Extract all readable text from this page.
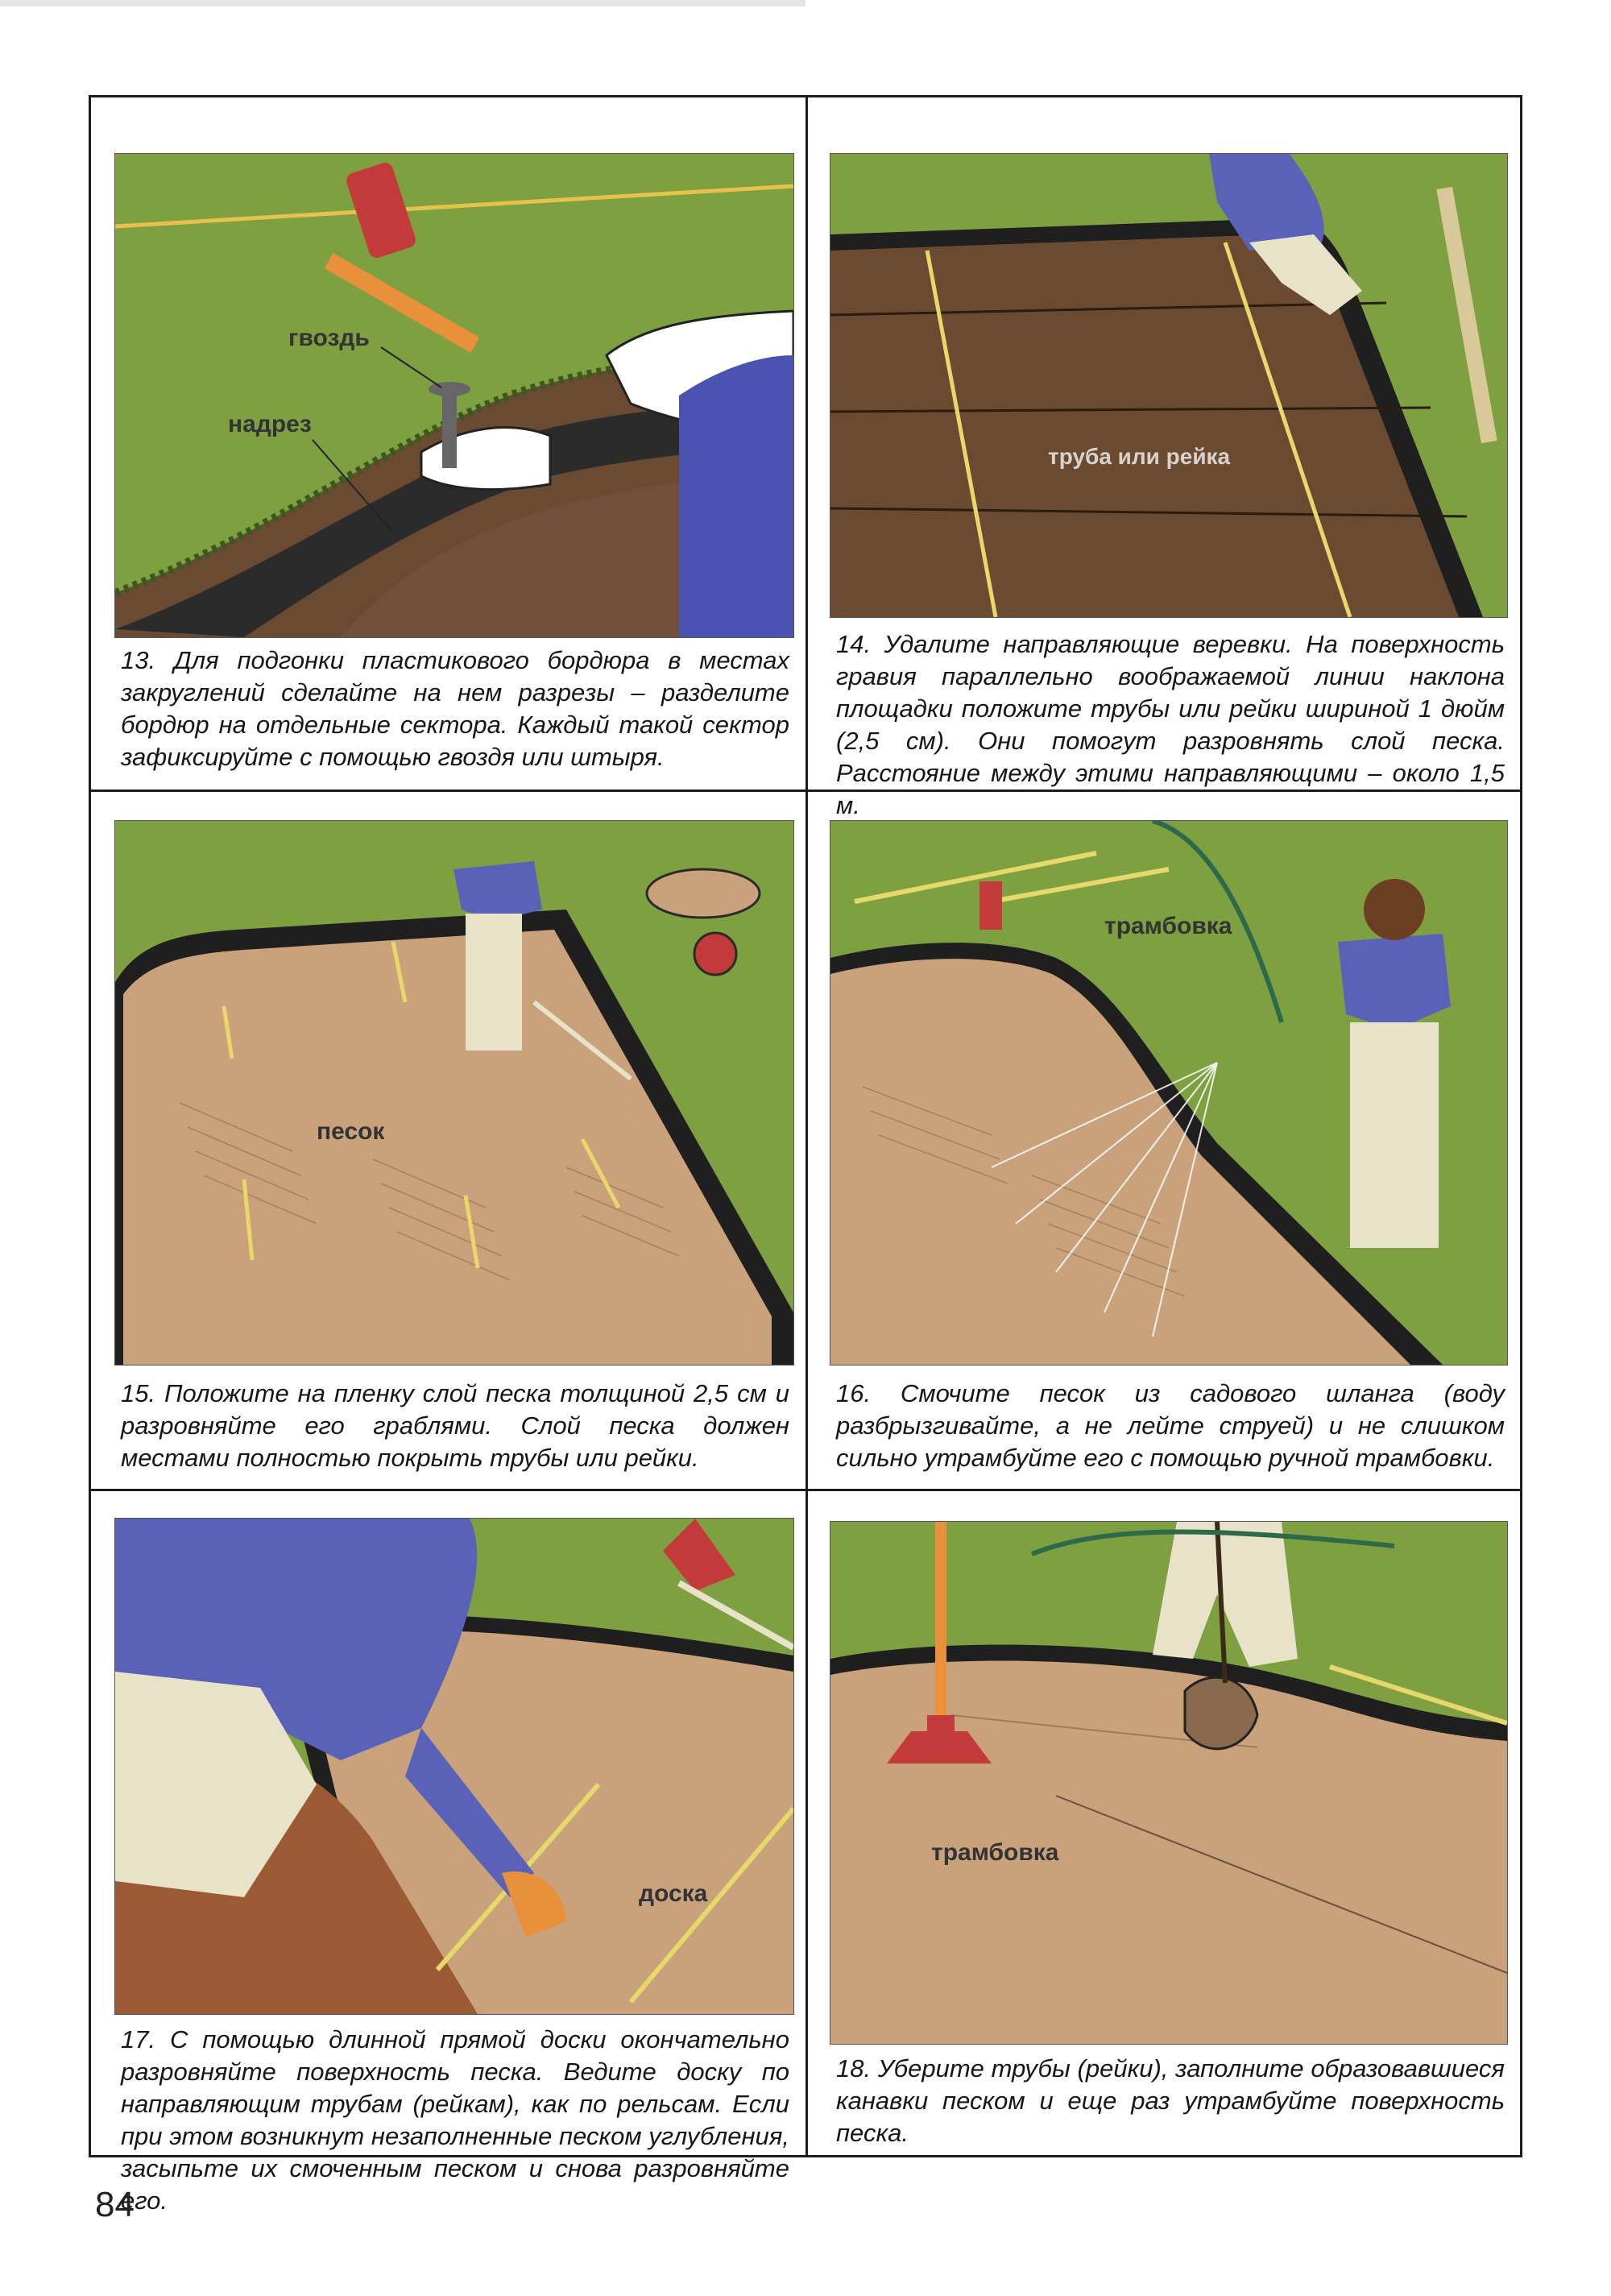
гвоздь
надрез

13. Для подгонки пластикового бордюра в местах закруглений сделайте на нем разрезы – разделите бордюр на отдельные сектора. Каждый такой сектор зафиксируйте с помощью гвоздя или штыря.

труба или рейка

14. Удалите направляющие веревки. На поверхность гравия параллельно воображаемой линии наклона площадки положите трубы или рейки шириной 1 дюйм (2,5 см). Они помогут разровнять слой песка. Расстояние между этими направляющими – около 1,5 м.

песок

15. Положите на пленку слой песка толщиной 2,5 см и разровняйте его граблями. Слой песка должен местами полностью покрыть трубы или рейки.

трамбовка

16. Смочите песок из садового шланга (воду разбрызгивайте, а не лейте струей) и не слишком сильно утрамбуйте его с помощью ручной трамбовки.

доска

17. С помощью длинной прямой доски окончательно разровняйте поверхность песка. Ведите доску по направляющим трубам (рейкам), как по рельсам. Если при этом возникнут незаполненные песком углубления, засыпьте их смоченным песком и снова разровняйте его.

трамбовка

18. Уберите трубы (рейки), заполните образовавшиеся канавки песком и еще раз утрамбуйте поверхность песка.

84
